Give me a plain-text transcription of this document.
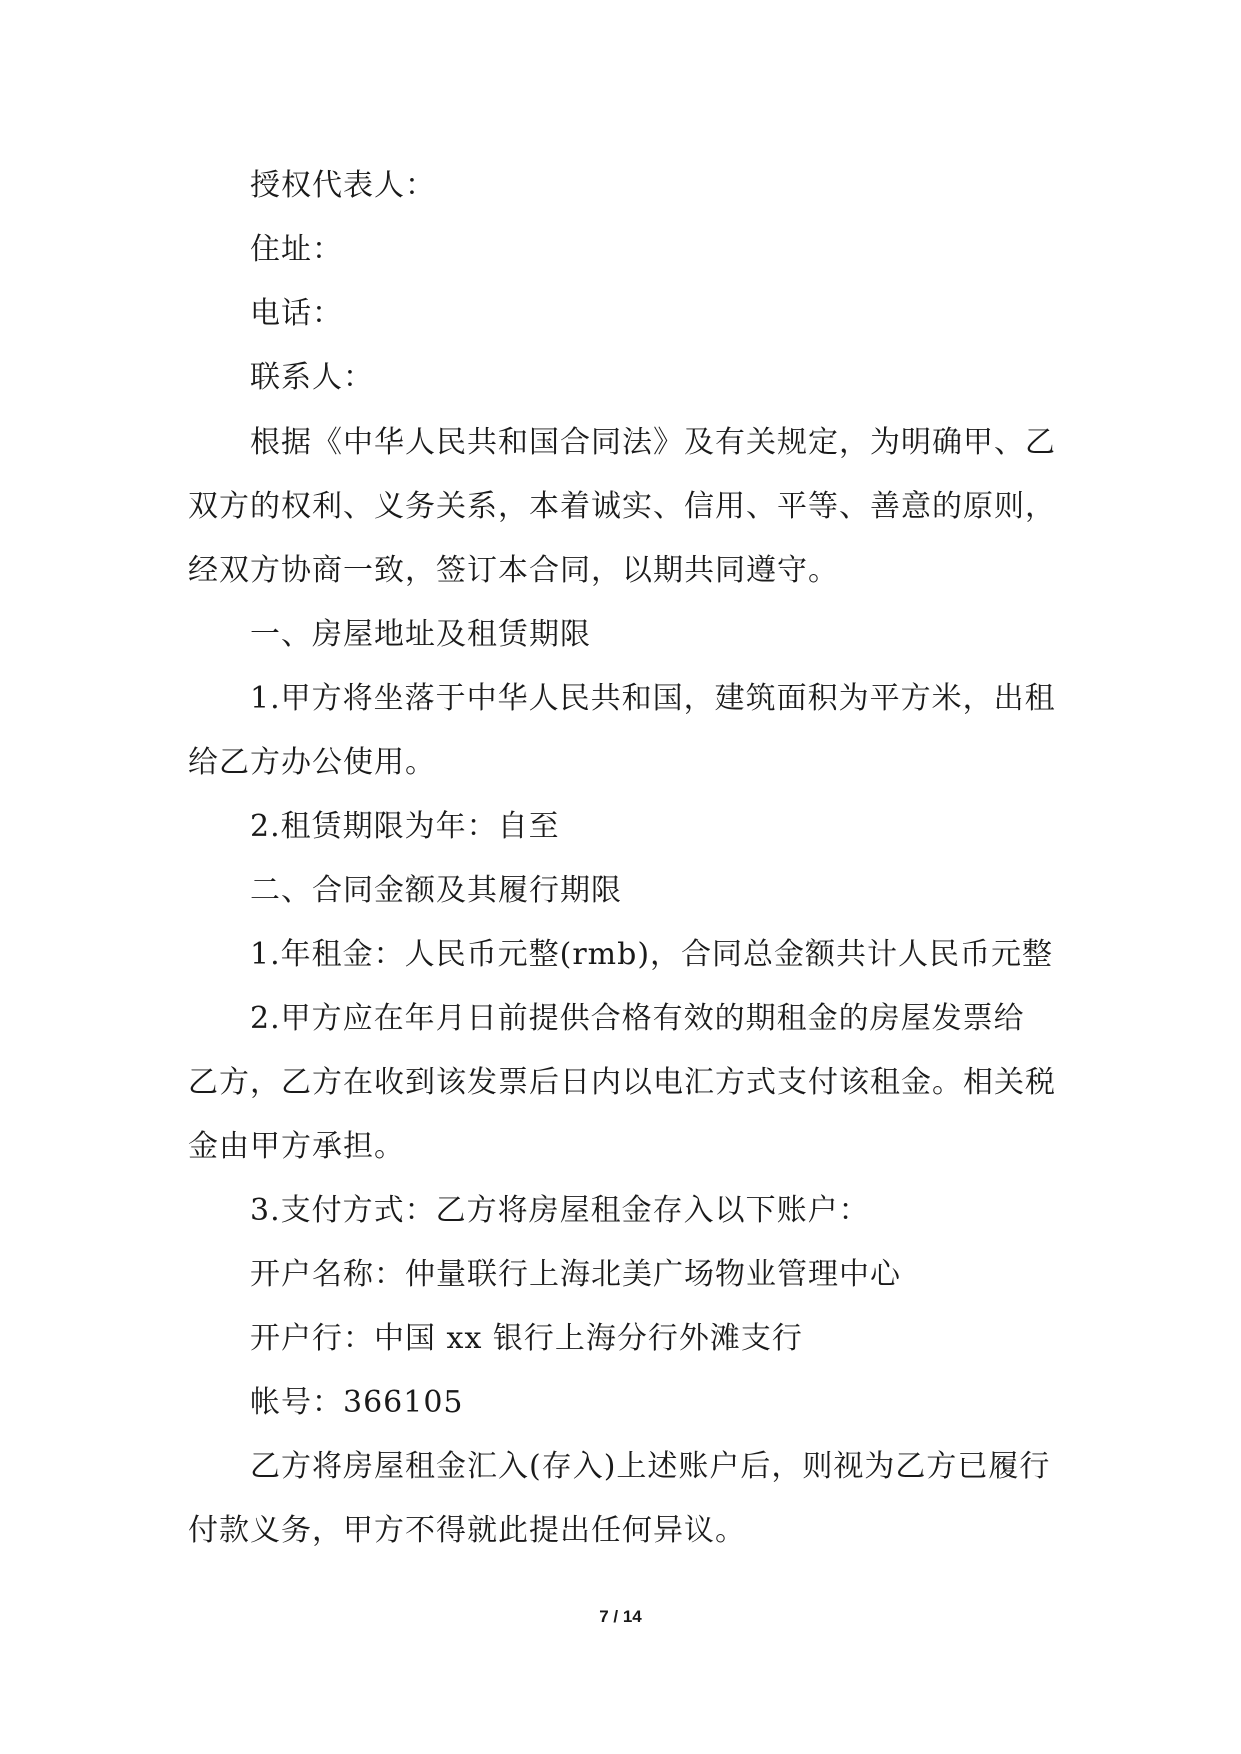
授权代表人：
住址：
电话：
联系人：
根据《中华人民共和国合同法》及有关规定，为明确甲、乙
双方的权利、义务关系，本着诚实、信用、平等、善意的原则，
经双方协商一致，签订本合同，以期共同遵守。
一、房屋地址及租赁期限
1.甲方将坐落于中华人民共和国，建筑面积为平方米，出租
给乙方办公使用。
2.租赁期限为年：自至
二、合同金额及其履行期限
1.年租金：人民币元整(rmb)，合同总金额共计人民币元整
2.甲方应在年月日前提供合格有效的期租金的房屋发票给
乙方，乙方在收到该发票后日内以电汇方式支付该租金。相关税
金由甲方承担。
3.支付方式：乙方将房屋租金存入以下账户：
开户名称：仲量联行上海北美广场物业管理中心
开户行：中国 xx 银行上海分行外滩支行
帐号：366105
乙方将房屋租金汇入(存入)上述账户后，则视为乙方已履行
付款义务，甲方不得就此提出任何异议。
7 / 14
